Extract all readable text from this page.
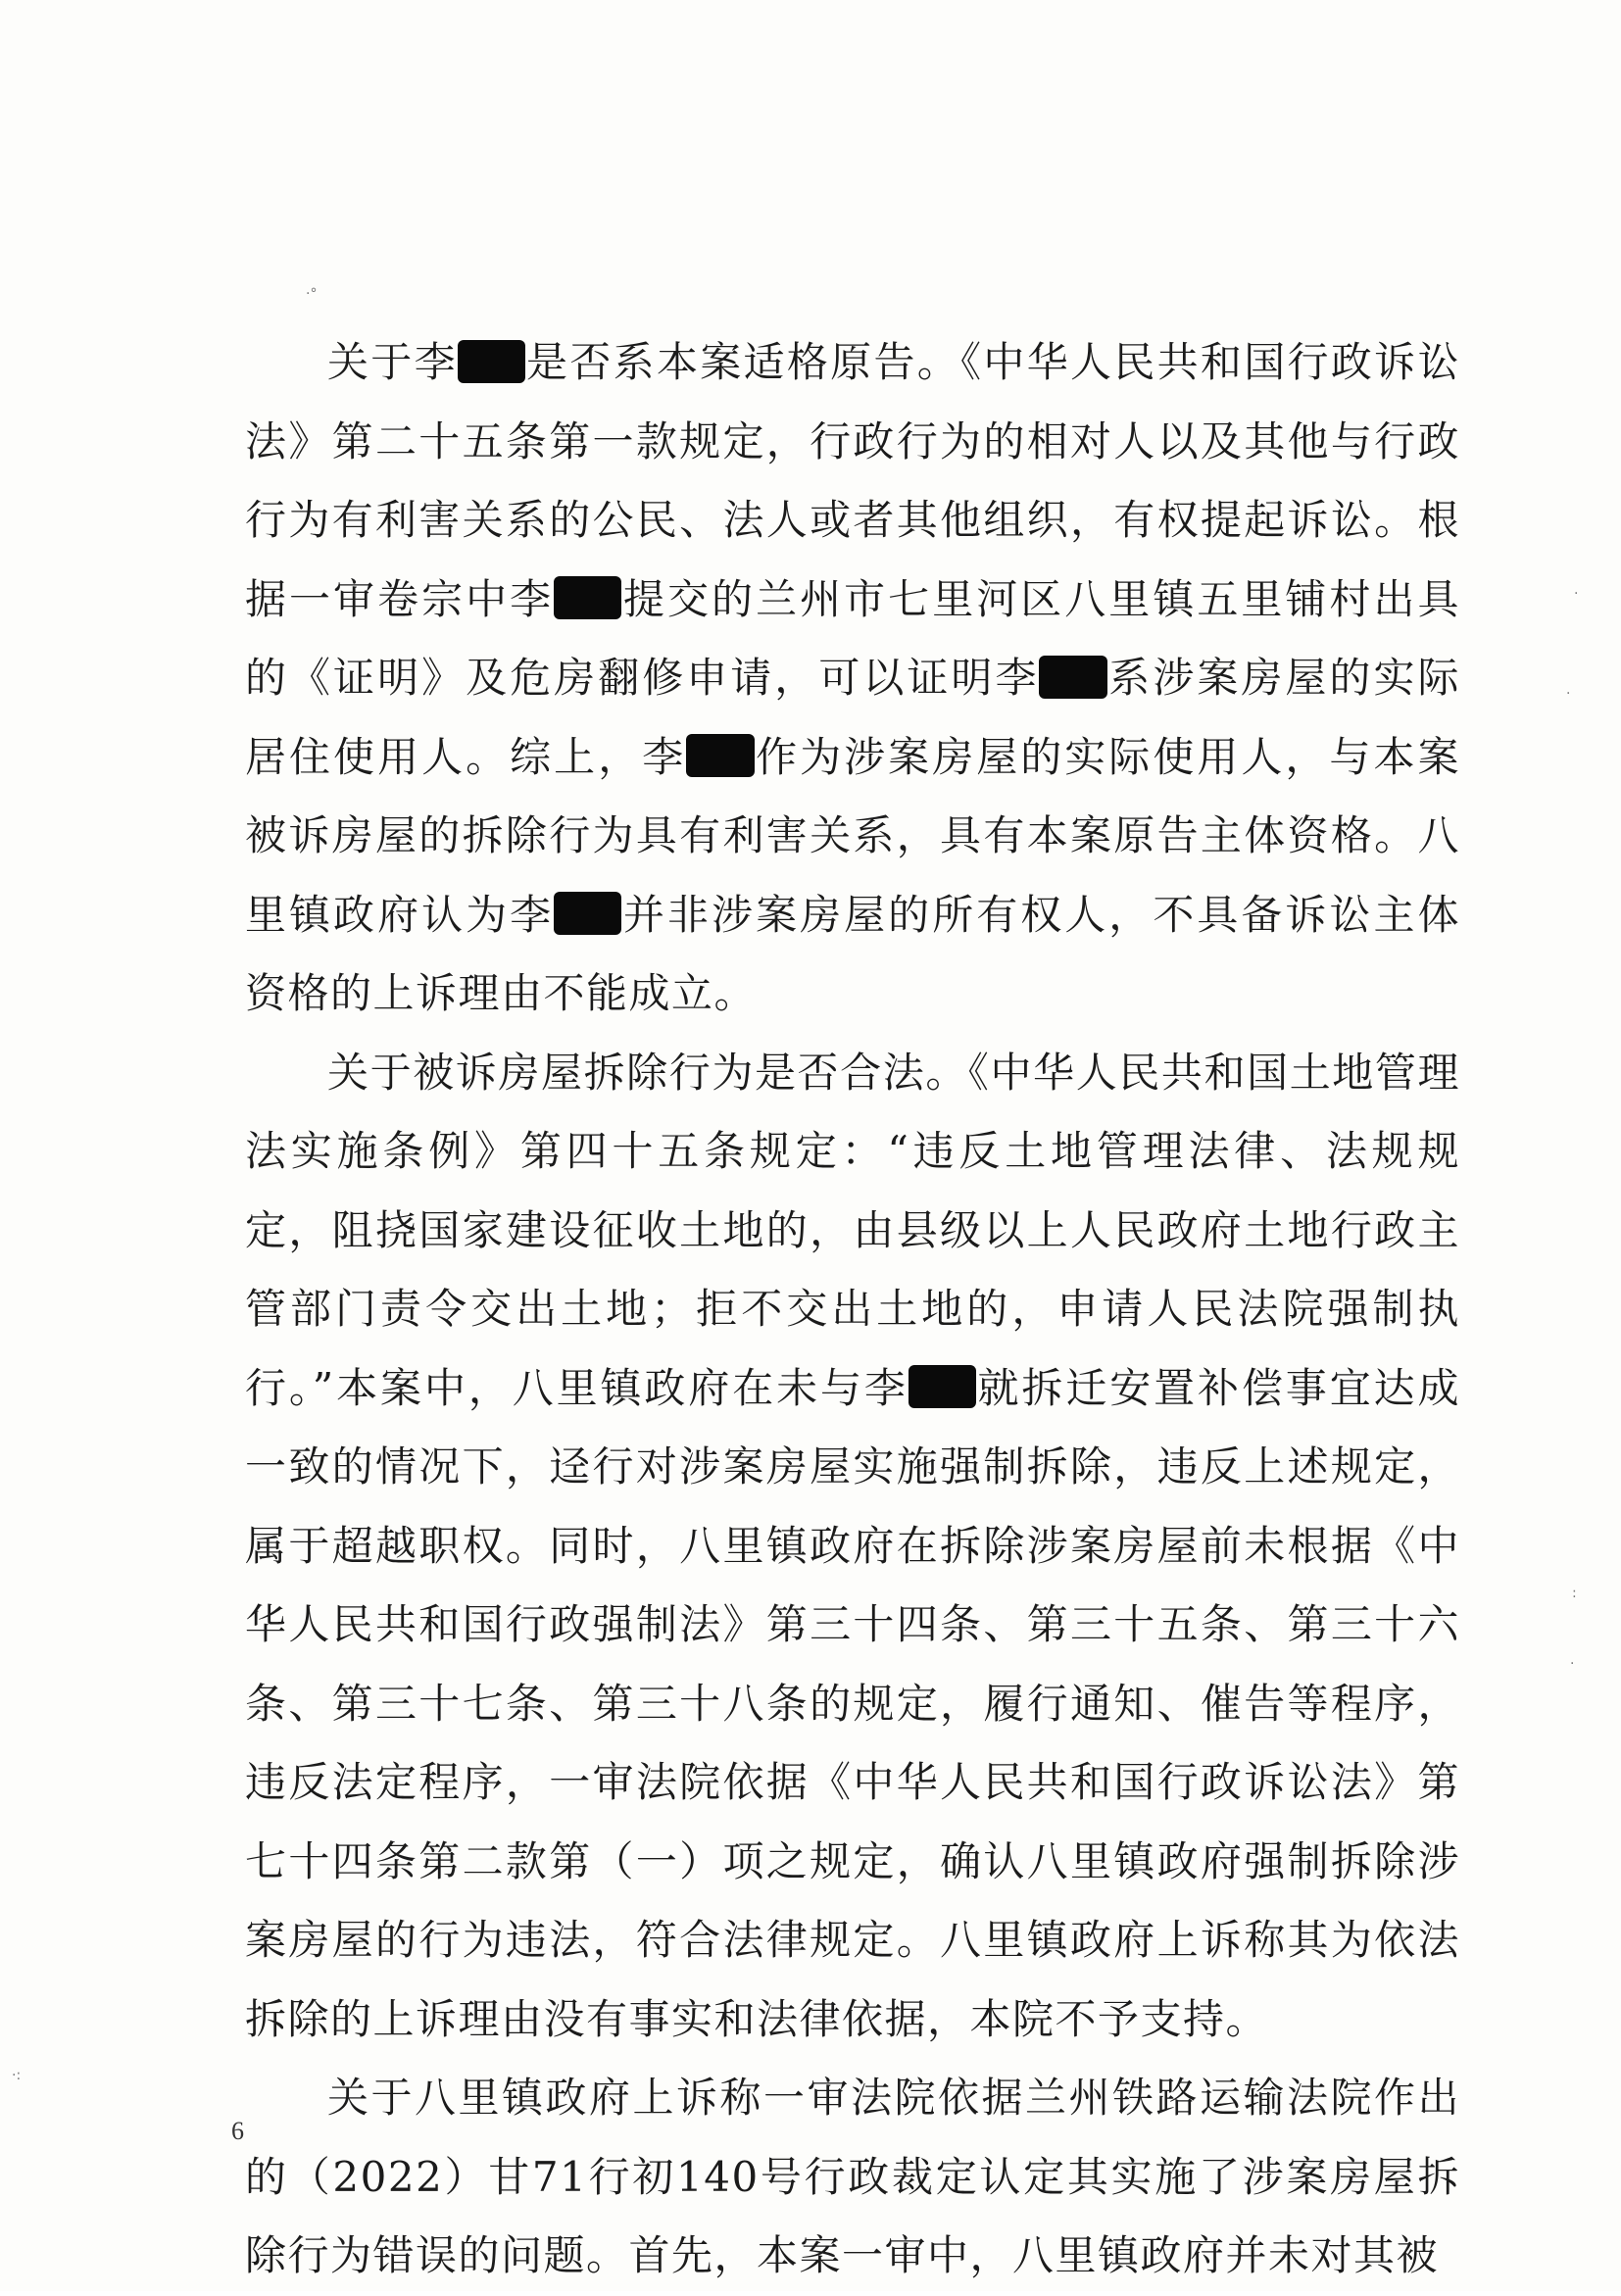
·°
·
·
:
·
·:

关于李 是否系本案适格原告。《中华人民共和国行政诉讼法》第二十五条第一款规定，行政行为的相对人以及其他与行政行为有利害关系的公民、法人或者其他组织，有权提起诉讼。根据一审卷宗中李 提交的兰州市七里河区八里镇五里铺村出具的《证明》及危房翻修申请，可以证明李 系涉案房屋的实际居住使用人。综上，李 作为涉案房屋的实际使用人，与本案被诉房屋的拆除行为具有利害关系，具有本案原告主体资格。八里镇政府认为李 并非涉案房屋的所有权人，不具备诉讼主体资格的上诉理由不能成立。

关于被诉房屋拆除行为是否合法。《中华人民共和国土地管理法实施条例》第四十五条规定：“违反土地管理法律、法规规定，阻挠国家建设征收土地的，由县级以上人民政府土地行政主管部门责令交出土地；拒不交出土地的，申请人民法院强制执行。”本案中，八里镇政府在未与李 就拆迁安置补偿事宜达成一致的情况下，迳行对涉案房屋实施强制拆除，违反上述规定，属于超越职权。同时，八里镇政府在拆除涉案房屋前未根据《中华人民共和国行政强制法》第三十四条、第三十五条、第三十六条、第三十七条、第三十八条的规定，履行通知、催告等程序，违反法定程序，一审法院依据《中华人民共和国行政诉讼法》第七十四条第二款第（一）项之规定，确认八里镇政府强制拆除涉案房屋的行为违法，符合法律规定。八里镇政府上诉称其为依法拆除的上诉理由没有事实和法律依据，本院不予支持。

关于八里镇政府上诉称一审法院依据兰州铁路运输法院作出的（2022）甘71行初140号行政裁定认定其实施了涉案房屋拆除行为错误的问题。首先，本案一审中，八里镇政府并未对其被

6
